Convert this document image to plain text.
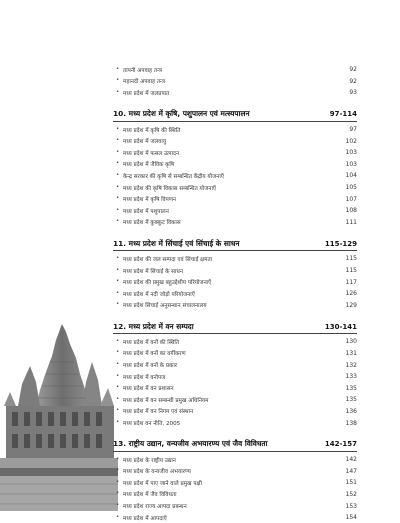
• तापनी अपवाह तन्त्र	92
• महानदी अपवाह तन्त्र	92
• मध्य प्रदेश में जलप्रपात	93
10. मध्य प्रदेश में कृषि, पशुपालन एवं मत्स्यपालन	97-114
• मध्य प्रदेश में कृषि की स्थिति	97
• मध्य प्रदेश में जलवायु	102
• मध्य प्रदेश में फसल उत्पादन	103
• मध्य प्रदेश में जैविक कृषि	103
• केन्द्र सरकार की कृषि से सम्बन्धित केंद्रीय योजनाएँ	104
• मध्य प्रदेश की कृषि विकास सम्बन्धित योजनाएँ	105
• मध्य प्रदेश में कृषि विपणन	107
• मध्य प्रदेश में पशुपालन	108
• मध्य प्रदेश में कुक्कुट विकास	111
11. मध्य प्रदेश में सिंचाई एवं सिंचाई के साधन	115-129
• मध्य प्रदेश की जल सम्पदा एवं सिंचाई क्षमता	115
• मध्य प्रदेश में सिंचाई के साधन	115
• मध्य प्रदेश की प्रमुख बहुउद्देशीय परियोजनाएँ	117
• मध्य प्रदेश में नदी जोड़ो परियोजनाएँ	126
• मध्य प्रदेश सिंचाई अनुसन्धान संचालनालय	129
12. मध्य प्रदेश में वन सम्पदा	130-141
• मध्य प्रदेश में वनों की स्थिति	130
• मध्य प्रदेश में वनों का वर्गीकरण	131
• मध्य प्रदेश में वनों के प्रकार	132
• मध्य प्रदेश में वनोपज	133
• मध्य प्रदेश में वन प्रशासन	135
• मध्य प्रदेश में वन सम्बन्धी प्रमुख अधिनियम	135
• मध्य प्रदेश में वन निगम एवं संस्थान	136
• मध्य प्रदेश वन नीति, 2005	138
13. राष्ट्रीय उद्यान, वन्यजीव अभयारण्य एवं जैव विविधता	142-157
• मध्य प्रदेश के राष्ट्रीय उद्यान	142
• मध्य प्रदेश के वन्यजीव अभयारण्य	147
• मध्य प्रदेश में पाए जाने वाले प्रमुख पक्षी	151
• मध्य प्रदेश में जैव विविधता	152
• मध्य प्रदेश राज्य आपदा प्रबन्धन	153
• मध्य प्रदेश में आपदाएँ	154
